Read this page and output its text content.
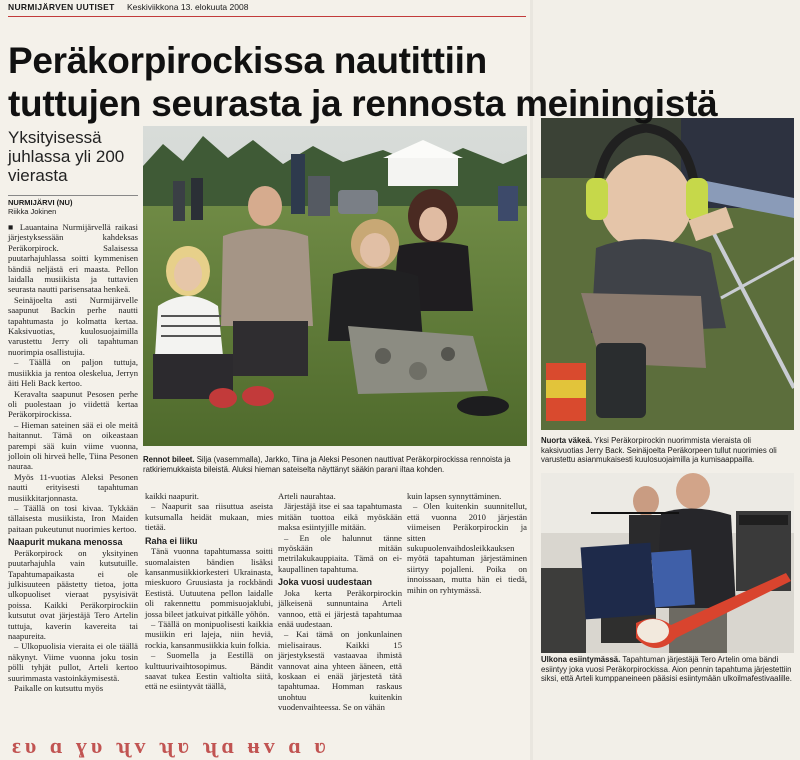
NURMIJÄRVEN UUTISET Keskiviikkona 13. elokuuta 2008
Peräkorpirockissa nautittiin
tuttujen seurasta ja rennosta meiningistä
Yksityisessä juhlassa yli 200 vierasta
NURMIJÄRVI (NU)
Riikka Jokinen
Rennot bileet. Silja (vasemmalla), Jarkko, Tiina ja Aleksi Pesonen nauttivat Peräkorpirockissa rennoista ja ratkiriemukkaista bileistä. Aluksi hieman sateiselta näyttänyt sääkin parani iltaa kohden.

■ Lauantaina Nurmijärvellä raikasi järjestyksessään kahdeksas Peräkorpirock. Salaisessa puutarhajuhlassa soitti kymmenisen bändiä neljästä eri maasta. Pellon laidalla musiikista ja tuttavien seurasta nautti parisensataa henkeä.

Seinäjoelta asti Nurmijärvelle saapunut Backin perhe nautti tapahtumasta jo kolmatta kertaa. Kaksivuotias, kuulosuojaimilla varustettu Jerry oli tapahtuman nuorimpia osallistujia.

– Täällä on paljon tuttuja, musiikkia ja rentoa oleskelua, Jerryn äiti Heli Back kertoo.

Keravalta saapunut Pesosen perhe oli puolestaan jo viidettä kertaa Peräkorpirockissa.

– Hieman sateinen sää ei ole meitä haitannut. Tämä on oikeastaan parempi sää kuin viime vuonna, jolloin oli hirveä helle, Tiina Pesonen nauraa.

Myös 11-vuotias Aleksi Pesonen nautti erityisesti tapahtuman musiikkitarjonnasta.

– Täällä on tosi kivaa. Tykkään tällaisesta musiikista, Iron Maiden paitaan pukeutunut nuorimies kertoo.

Naapurit mukana menossa

Peräkorpirock on yksityinen puutarhajuhla vain kutsutuille. Tapahtumapaikasta ei ole julkisuuteen päästetty tietoa, jotta ulkopuoliset vieraat pysyisivät poissa. Kaikki Peräkorpirockiin kutsutut ovat järjestäjä Tero Artelin tuttuja, kaverin kavereita tai naapureita.

– Ulkopuolisia vieraita ei ole täällä näkynyt. Viime vuonna joku tosin pölli tyhjät pullot, Arteli kertoo suurimmasta vastoinkäymisestä.

Paikalle on kutsuttu myös

kaikki naapurit.

– Naapurit saa riisuttua aseista kutsumalla heidät mukaan, mies tietää.

Raha ei liiku

Tänä vuonna tapahtumassa soitti suomalaisten bändien lisäksi kansanmusiikkiorkesteri Ukrainasta, mieskuoro Gruusiasta ja rockbändi Eestistä. Uutuutena pellon laidalle oli rakennettu pommisuojaklubi, jossa bileet jatkuivat pitkälle yöhön.

– Täällä on monipuolisesti kaikkia musiikin eri lajeja, niin heviä, rockia, kansanmusiikkia kuin folkia.

– Suomella ja Eestillä on kulttuurivaihtosopimus. Bändit saavat tukea Eestin valtiolta siitä, että ne esiintyvät täällä,

Arteli naurahtaa.

Järjestäjä itse ei saa tapahtumasta mitään tuottoa eikä myöskään maksa esiintyjille mitään.

– En ole halunnut tänne myöskään mitään metrilakukauppiaita. Tämä on ei-kaupallinen tapahtuma.

Joka vuosi uudestaan

Joka kerta Peräkorpirockin jälkeisenä sunnuntaina Arteli vannoo, että ei järjestä tapahtumaa enää uudestaan.

– Kai tämä on jonkunlainen mielisairaus. Kaikki 15 järjestyksestä vastaavaa ihmistä vannovat aina yhteen ääneen, että koskaan ei enää järjestetä tätä tapahtumaa. Homman raskaus unohtuu kuitenkin vuodenvaihteessa. Se on vähän

kuin lapsen synnyttäminen.

– Olen kuitenkin suunnitellut, että vuonna 2010 järjestän viimeisen Peräkorpirockin ja sitten sukupuolenvaihdosleikkauksen myötä tapahtuman järjestäminen siirtyy pojalleni. Poika on innoissaan, mutta hän ei tiedä, mihin on ryhtymässä.

Nuorta väkeä. Yksi Peräkorpirockin nuorimmista vieraista oli kaksivuotias Jerry Back. Seinäjoelta Peräkorpeen tullut nuorimies oli varustettu asianmukaisesti kuulosuojaimilla ja kumisaappailla.
Ulkona esiintymässä. Tapahtuman järjestäjä Tero Artelin oma bändi esiintyy joka vuosi Peräkorpirockissa. Aion pennin tapahtuma järjestettiin siksi, että Arteli kumppaneineen pääsisi esiintymään ulkoilmafestivaalille.
ԑυ ɑ ɣυ ʯv ʯʋ ʯɑ ʉv ɑ ʋ
